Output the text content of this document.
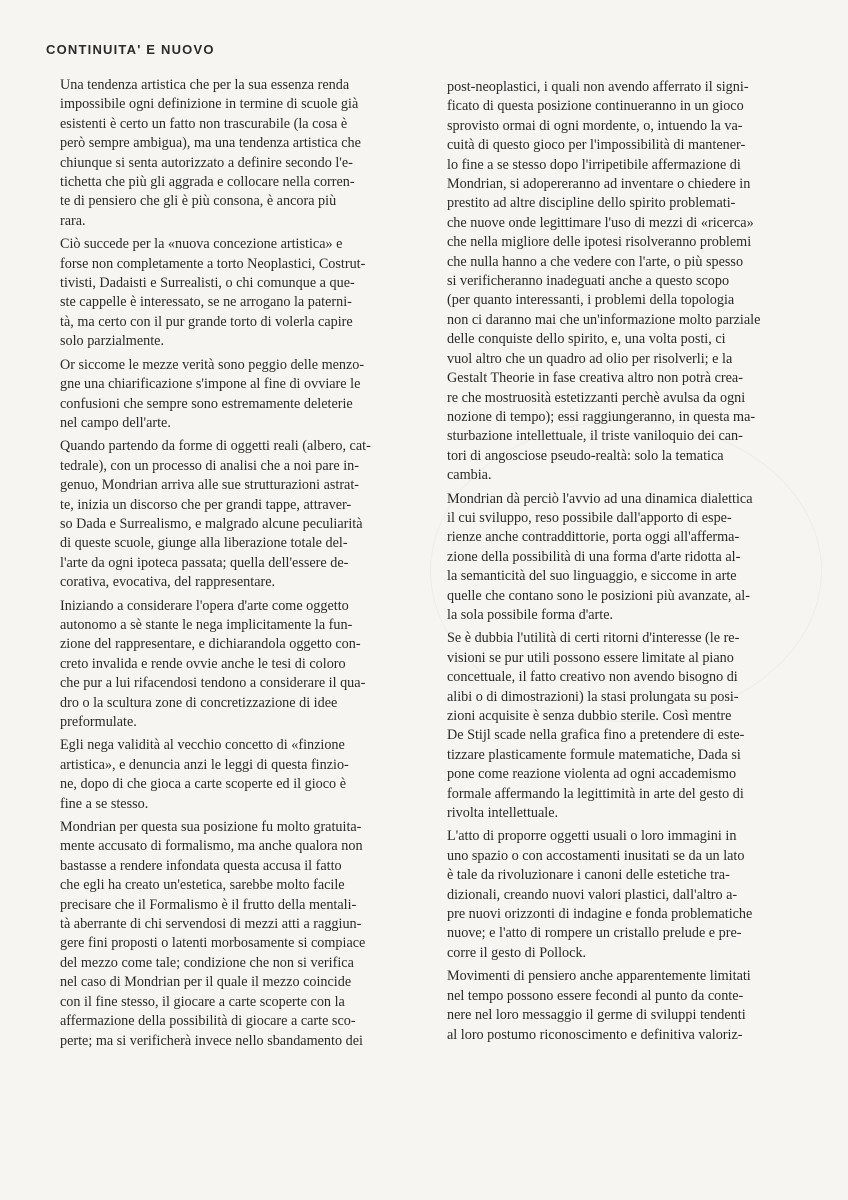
CONTINUITA' E NUOVO
Una tendenza artistica che per la sua essenza renda
impossibile ogni definizione in termine di scuole già
esistenti è certo un fatto non trascurabile (la cosa è
però sempre ambigua), ma una tendenza artistica che
chiunque si senta autorizzato a definire secondo l'e-
tichetta che più gli aggrada e collocare nella corren-
te di pensiero che gli è più consona, è ancora più
rara.
Ciò succede per la «nuova concezione artistica» e
forse non completamente a torto Neoplastici, Costrut-
tivisti, Dadaisti e Surrealisti, o chi comunque a que-
ste cappelle è interessato, se ne arrogano la paterni-
tà, ma certo con il pur grande torto di volerla capire
solo parzialmente.
Or siccome le mezze verità sono peggio delle menzo-
gne una chiarificazione s'impone al fine di ovviare le
confusioni che sempre sono estremamente deleterie
nel campo dell'arte.
Quando partendo da forme di oggetti reali (albero, cat-
tedrale), con un processo di analisi che a noi pare in-
genuo, Mondrian arriva alle sue strutturazioni astrat-
te, inizia un discorso che per grandi tappe, attraver-
so Dada e Surrealismo, e malgrado alcune peculiarità
di queste scuole, giunge alla liberazione totale del-
l'arte da ogni ipoteca passata; quella dell'essere de-
corativa, evocativa, del rappresentare.
Iniziando a considerare l'opera d'arte come oggetto
autonomo a sè stante le nega implicitamente la fun-
zione del rappresentare, e dichiarandola oggetto con-
creto invalida e rende ovvie anche le tesi di coloro
che pur a lui rifacendosi tendono a considerare il qua-
dro o la scultura zone di concretizzazione di idee
preformulate.
Egli nega validità al vecchio concetto di «finzione
artistica», e denuncia anzi le leggi di questa finzio-
ne, dopo di che gioca a carte scoperte ed il gioco è
fine a se stesso.
Mondrian per questa sua posizione fu molto gratuita-
mente accusato di formalismo, ma anche qualora non
bastasse a rendere infondata questa accusa il fatto
che egli ha creato un'estetica, sarebbe molto facile
precisare che il Formalismo è il frutto della mentali-
tà aberrante di chi servendosi di mezzi atti a raggiun-
gere fini proposti o latenti morbosamente si compiace
del mezzo come tale; condizione che non si verifica
nel caso di Mondrian per il quale il mezzo coincide
con il fine stesso, il giocare a carte scoperte con la
affermazione della possibilità di giocare a carte sco-
perte; ma si verificherà invece nello sbandamento dei
post-neoplastici, i quali non avendo afferrato il signi-
ficato di questa posizione continueranno in un gioco
sprovisto ormai di ogni mordente, o, intuendo la va-
cuità di questo gioco per l'impossibilità di mantener-
lo fine a se stesso dopo l'irripetibile affermazione di
Mondrian, si adopereranno ad inventare o chiedere in
prestito ad altre discipline dello spirito problemati-
che nuove onde legittimare l'uso di mezzi di «ricerca»
che nella migliore delle ipotesi risolveranno problemi
che nulla hanno a che vedere con l'arte, o più spesso
si verificheranno inadeguati anche a questo scopo
(per quanto interessanti, i problemi della topologia
non ci daranno mai che un'informazione molto parziale
delle conquiste dello spirito, e, una volta posti, ci
vuol altro che un quadro ad olio per risolverli; e la
Gestalt Theorie in fase creativa altro non potrà crea-
re che mostruosità estetizzanti perchè avulsa da ogni
nozione di tempo); essi raggiungeranno, in questa ma-
sturbazione intellettuale, il triste vaniloquio dei can-
tori di angosciose pseudo-realtà: solo la tematica
cambia.
Mondrian dà perciò l'avvio ad una dinamica dialettica
il cui sviluppo, reso possibile dall'apporto di espe-
rienze anche contraddittorie, porta oggi all'afferma-
zione della possibilità di una forma d'arte ridotta al-
la semanticità del suo linguaggio, e siccome in arte
quelle che contano sono le posizioni più avanzate, al-
la sola possibile forma d'arte.
Se è dubbia l'utilità di certi ritorni d'interesse (le re-
visioni se pur utili possono essere limitate al piano
concettuale, il fatto creativo non avendo bisogno di
alibi o di dimostrazioni) la stasi prolungata su posi-
zioni acquisite è senza dubbio sterile. Così mentre
De Stijl scade nella grafica fino a pretendere di este-
tizzare plasticamente formule matematiche, Dada si
pone come reazione violenta ad ogni accademismo
formale affermando la legittimità in arte del gesto di
rivolta intellettuale.
L'atto di proporre oggetti usuali o loro immagini in
uno spazio o con accostamenti inusitati se da un lato
è tale da rivoluzionare i canoni delle estetiche tra-
dizionali, creando nuovi valori plastici, dall'altro a-
pre nuovi orizzonti di indagine e fonda problematiche
nuove; e l'atto di rompere un cristallo prelude e pre-
corre il gesto di Pollock.
Movimenti di pensiero anche apparentemente limitati
nel tempo possono essere fecondi al punto da conte-
nere nel loro messaggio il germe di sviluppi tendenti
al loro postumo riconoscimento e definitiva valoriz-
